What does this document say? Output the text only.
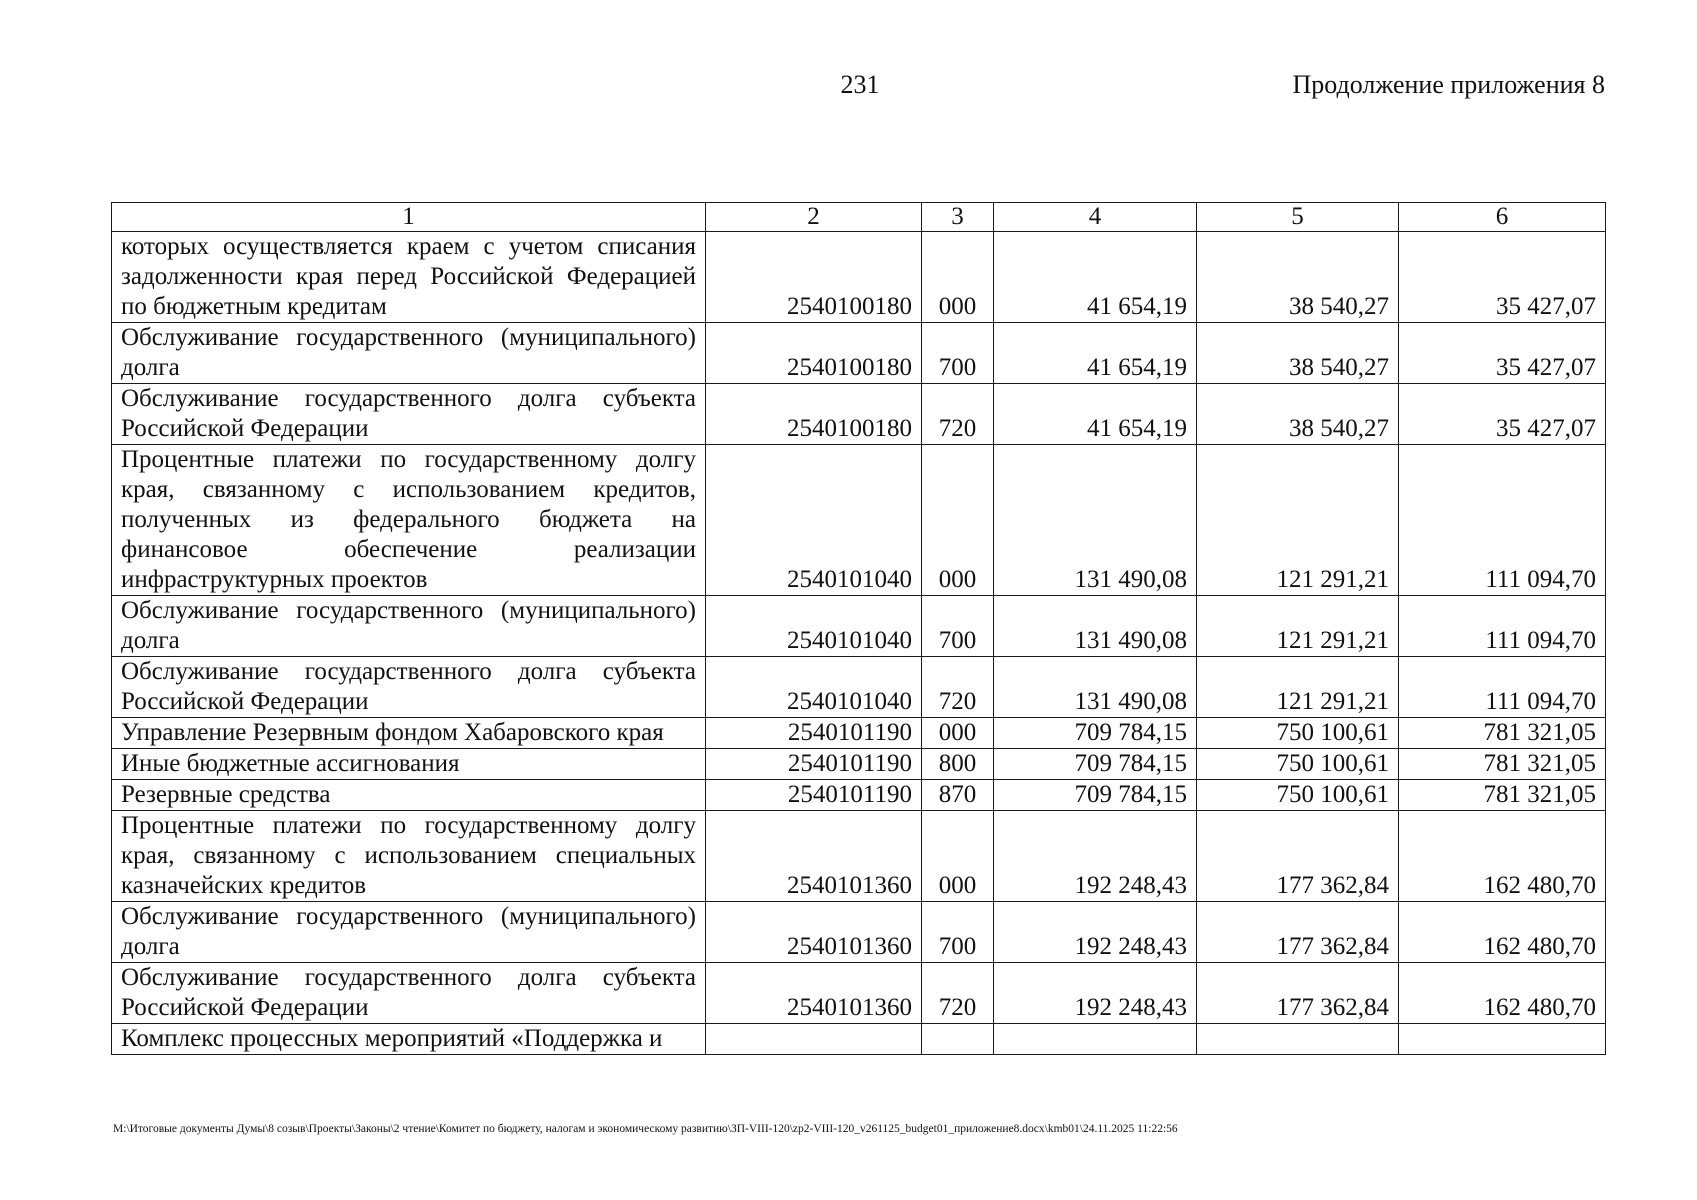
231	Продолжение приложения 8
1	2	3	4	5	6
которых осуществляется краем с учетом списания задолженности края перед Российской Федерацией по бюджетным кредитам	2540100180	000	41 654,19	38 540,27	35 427,07
Обслуживание государственного (муниципального) долга	2540100180	700	41 654,19	38 540,27	35 427,07
Обслуживание государственного долга субъекта Российской Федерации	2540100180	720	41 654,19	38 540,27	35 427,07
Процентные платежи по государственному долгу края, связанному с использованием кредитов, полученных из федерального бюджета на финансовое обеспечение реализации инфраструктурных проектов	2540101040	000	131 490,08	121 291,21	111 094,70
Обслуживание государственного (муниципального) долга	2540101040	700	131 490,08	121 291,21	111 094,70
Обслуживание государственного долга субъекта Российской Федерации	2540101040	720	131 490,08	121 291,21	111 094,70
Управление Резервным фондом Хабаровского края	2540101190	000	709 784,15	750 100,61	781 321,05
Иные бюджетные ассигнования	2540101190	800	709 784,15	750 100,61	781 321,05
Резервные средства	2540101190	870	709 784,15	750 100,61	781 321,05
Процентные платежи по государственному долгу края, связанному с использованием специальных казначейских кредитов	2540101360	000	192 248,43	177 362,84	162 480,70
Обслуживание государственного (муниципального) долга	2540101360	700	192 248,43	177 362,84	162 480,70
Обслуживание государственного долга субъекта Российской Федерации	2540101360	720	192 248,43	177 362,84	162 480,70
Комплекс процессных мероприятий «Поддержка и					
M:\Итоговые документы Думы\8 созыв\Проекты\Законы\2 чтение\Комитет по бюджету, налогам и экономическому развитию\ЗП-VIII-120\zp2-VIII-120_v261125_budget01_приложение8.docx\kmb01\24.11.2025 11:22:56
